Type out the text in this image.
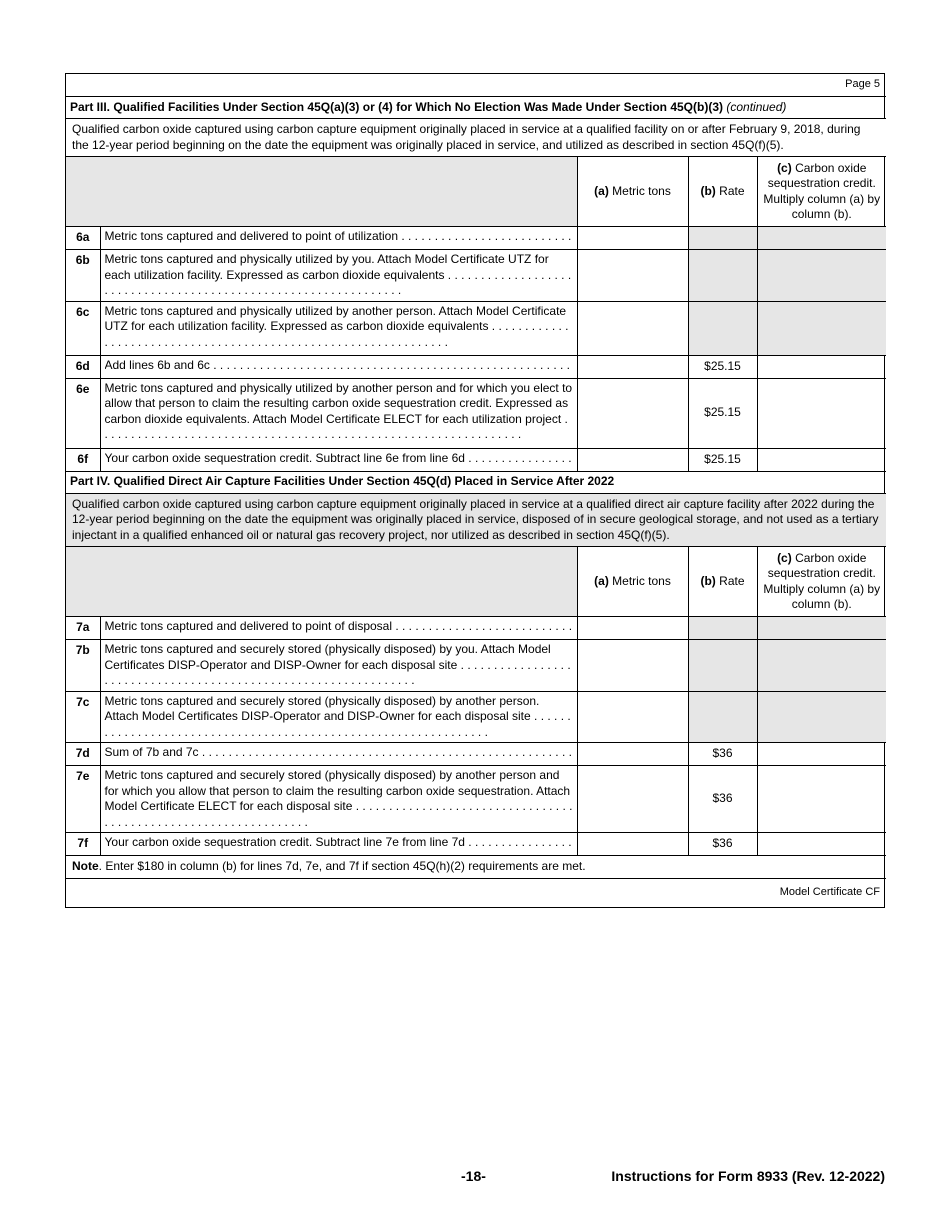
Page 5				
Part III. Qualified Facilities Under Section 45Q(a)(3) or (4) for Which No Election Was Made Under Section 45Q(b)(3) (continued)				
Qualified carbon oxide captured using carbon capture equipment originally placed in service at a qualified facility on or after February 9, 2018, during the 12-year period beginning on the date the equipment was originally placed in service, and utilized as described in section 45Q(f)(5).				
		(a) Metric tons	(b) Rate	(c) Carbon oxide sequestration credit. Multiply column (a) by column (b).
6a	Metric tons captured and delivered to point of utilization . . .

6b	Metric tons captured and physically utilized by you. Attach Model Certificate UTZ for each utilization facility. Expressed as carbon dioxide equivalents . . .			
6c	Metric tons captured and physically utilized by another person. Attach Model Certificate UTZ for each utilization facility. Expressed as carbon dioxide equivalents . . .			
6d	Add lines 6b and 6c . . .		$25.15	
6e	Metric tons captured and physically utilized by another person and for which you elect to allow that person to claim the resulting carbon oxide sequestration credit. Expressed as carbon dioxide equivalents. Attach Model Certificate ELECT for each utilization project . . .		$25.15	
6f	Your carbon oxide sequestration credit. Subtract line 6e from line 6d . . .		$25.15	
Part IV. Qualified Direct Air Capture Facilities Under Section 45Q(d) Placed in Service After 2022				
Qualified carbon oxide captured using carbon capture equipment originally placed in service at a qualified direct air capture facility after 2022 during the 12-year period beginning on the date the equipment was originally placed in service, disposed of in secure geological storage, and not used as a tertiary injectant in a qualified enhanced oil or natural gas recovery project, nor utilized as described in section 45Q(f)(5).				
		(a) Metric tons	(b) Rate	(c) Carbon oxide sequestration credit. Multiply column (a) by column (b).
7a	Metric tons captured and delivered to point of disposal . . .

7b	Metric tons captured and securely stored (physically disposed) by you. Attach Model Certificates DISP-Operator and DISP-Owner for each disposal site . . .			
7c	Metric tons captured and securely stored (physically disposed) by another person. Attach Model Certificates DISP-Operator and DISP-Owner for each disposal site . . .			
7d	Sum of 7b and 7c . . .		$36	
7e	Metric tons captured and securely stored (physically disposed) by another person and for which you allow that person to claim the resulting carbon oxide sequestration. Attach Model Certificate ELECT for each disposal site . . .		$36	
7f	Your carbon oxide sequestration credit. Subtract line 7e from line 7d . . .		$36	
Note. Enter $180 in column (b) for lines 7d, 7e, and 7f if section 45Q(h)(2) requirements are met.				
Model Certificate CF				
-18-	Instructions for Form 8933 (Rev. 12-2022)
